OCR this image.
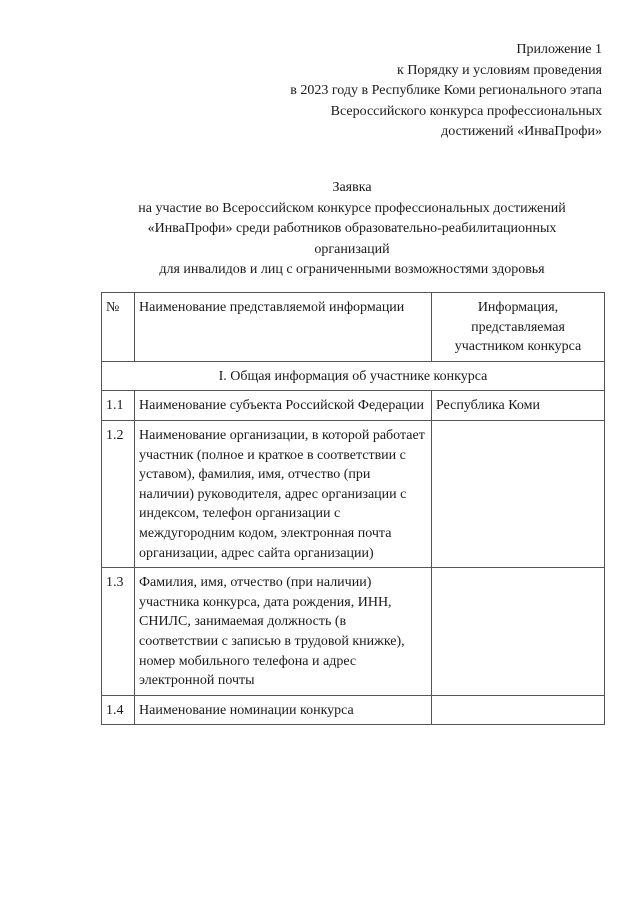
Приложение 1
к Порядку и условиям проведения
в 2023 году в Республике Коми регионального этапа
Всероссийского конкурса профессиональных
достижений «ИнваПрофи»
Заявка
на участие во Всероссийском конкурсе профессиональных достижений
«ИнваПрофи» среди работников образовательно-реабилитационных
организаций
для инвалидов и лиц с ограниченными возможностями здоровья
№	Наименование представляемой информации	Информация, представляемая участником конкурса
I. Общая информация об участнике конкурса		
1.1	Наименование субъекта Российской Федерации	Республика Коми
1.2	Наименование организации, в которой работает участник (полное и краткое в соответствии с уставом), фамилия, имя, отчество (при наличии) руководителя, адрес организации с индексом, телефон организации с междугородним кодом, электронная почта организации, адрес сайта организации)	
1.3	Фамилия, имя, отчество (при наличии) участника конкурса, дата рождения, ИНН, СНИЛС, занимаемая должность (в соответствии с записью в трудовой книжке), номер мобильного телефона и адрес электронной почты	
1.4	Наименование номинации конкурса	
